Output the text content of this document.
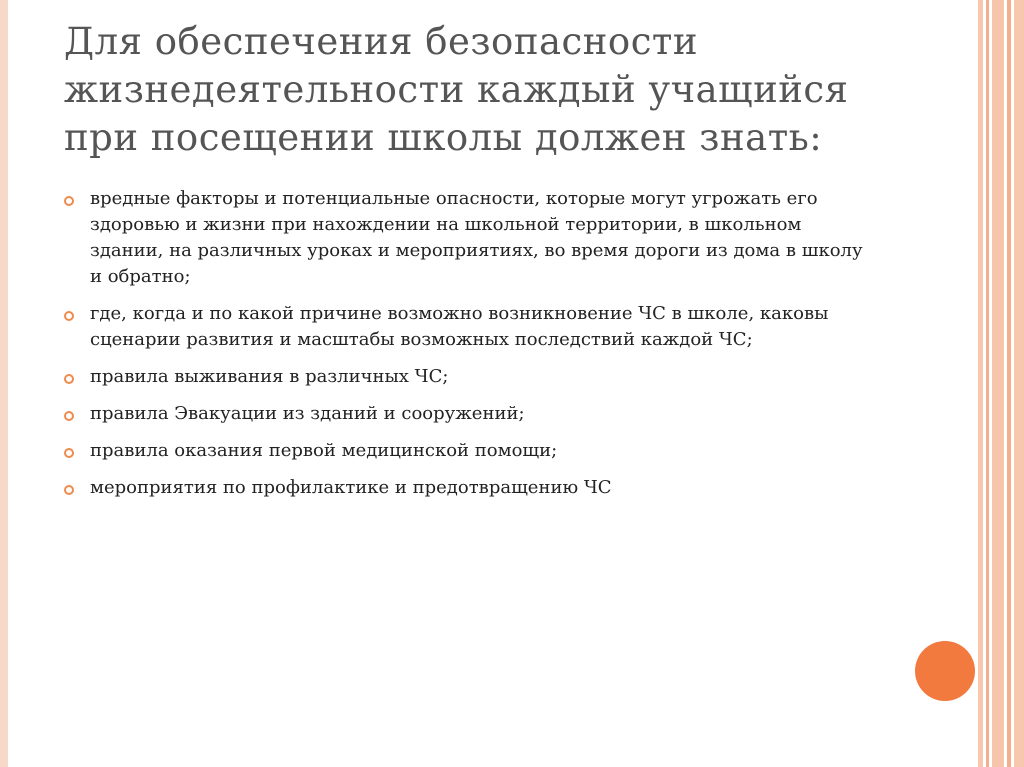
Для обеспечения безопасности
жизнедеятельности каждый учащийся
при посещении школы должен знать:
вредные факторы и потенциальные опасности, которые могут угрожать его здоровью и жизни при нахождении на школьной территории, в школьном здании, на различных уроках и мероприятиях, во время дороги из дома в школу и обратно;
где, когда и по какой причине возможно возникновение ЧС в школе, каковы сценарии развития и масштабы возможных последствий каждой ЧС;
правила выживания в различных ЧС;
правила Эвакуации из зданий и сооружений;
правила оказания первой медицинской помощи;
мероприятия по профилактике и предотвращению ЧС
